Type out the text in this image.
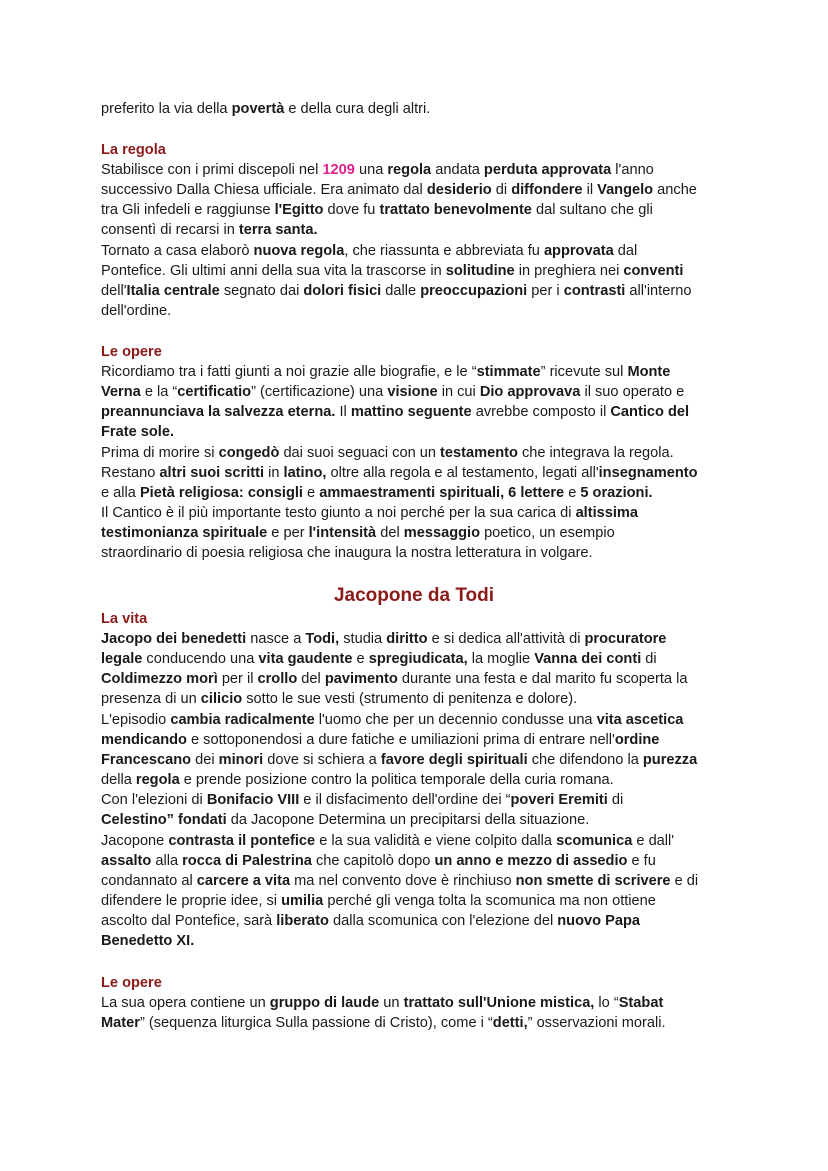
preferito la via della povertà e della cura degli altri.
La regola
Stabilisce con i primi discepoli nel 1209 una regola andata perduta approvata l'anno
successivo Dalla Chiesa ufficiale. Era animato dal desiderio di diffondere il Vangelo anche
tra Gli infedeli e raggiunse l'Egitto dove fu trattato benevolmente dal sultano che gli
consentì di recarsi in terra santa.
Tornato a casa elaborò nuova regola, che riassunta e abbreviata fu approvata dal
Pontefice. Gli ultimi anni della sua vita la trascorse in solitudine in preghiera nei conventi
dell'Italia centrale segnato dai dolori fisici dalle preoccupazioni per i contrasti all'interno
dell'ordine.
Le opere
Ricordiamo tra i fatti giunti a noi grazie alle biografie, e le “stimmate” ricevute sul Monte
Verna e la “certificatio” (certificazione) una visione in cui Dio approvava il suo operato e
preannunciava la salvezza eterna. Il mattino seguente avrebbe composto il Cantico del
Frate sole.
Prima di morire si congedò dai suoi seguaci con un testamento che integrava la regola.
Restano altri suoi scritti in latino, oltre alla regola e al testamento, legati all'insegnamento
e alla Pietà religiosa: consigli e ammaestramenti spirituali, 6 lettere e 5 orazioni.
Il Cantico è il più importante testo giunto a noi perché per la sua carica di altissima
testimonianza spirituale e per l'intensità del messaggio poetico, un esempio
straordinario di poesia religiosa che inaugura la nostra letteratura in volgare.
Jacopone da Todi
La vita
Jacopo dei benedetti nasce a Todi, studia diritto e si dedica all'attività di procuratore
legale conducendo una vita gaudente e spregiudicata, la moglie Vanna dei conti di
Coldimezzo morì per il crollo del pavimento durante una festa e dal marito fu scoperta la
presenza di un cilicio sotto le sue vesti (strumento di penitenza e dolore).
L'episodio cambia radicalmente l'uomo che per un decennio condusse una vita ascetica
mendicando e sottoponendosi a dure fatiche e umiliazioni prima di entrare nell'ordine
Francescano dei minori dove si schiera a favore degli spirituali che difendono la purezza
della regola e prende posizione contro la politica temporale della curia romana.
Con l'elezioni di Bonifacio VIII e il disfacimento dell'ordine dei “poveri Eremiti di
Celestino” fondati da Jacopone Determina un precipitarsi della situazione.
Jacopone contrasta il pontefice e la sua validità e viene colpito dalla scomunica e dall'
assalto alla rocca di Palestrina che capitolò dopo un anno e mezzo di assedio e fu
condannato al carcere a vita ma nel convento dove è rinchiuso non smette di scrivere e di
difendere le proprie idee, si umilia perché gli venga tolta la scomunica ma non ottiene
ascolto dal Pontefice, sarà liberato dalla scomunica con l'elezione del nuovo Papa
Benedetto XI.
Le opere
La sua opera contiene un gruppo di laude un trattato sull'Unione mistica, lo “Stabat
Mater” (sequenza liturgica Sulla passione di Cristo), come i “detti,” osservazioni morali.
